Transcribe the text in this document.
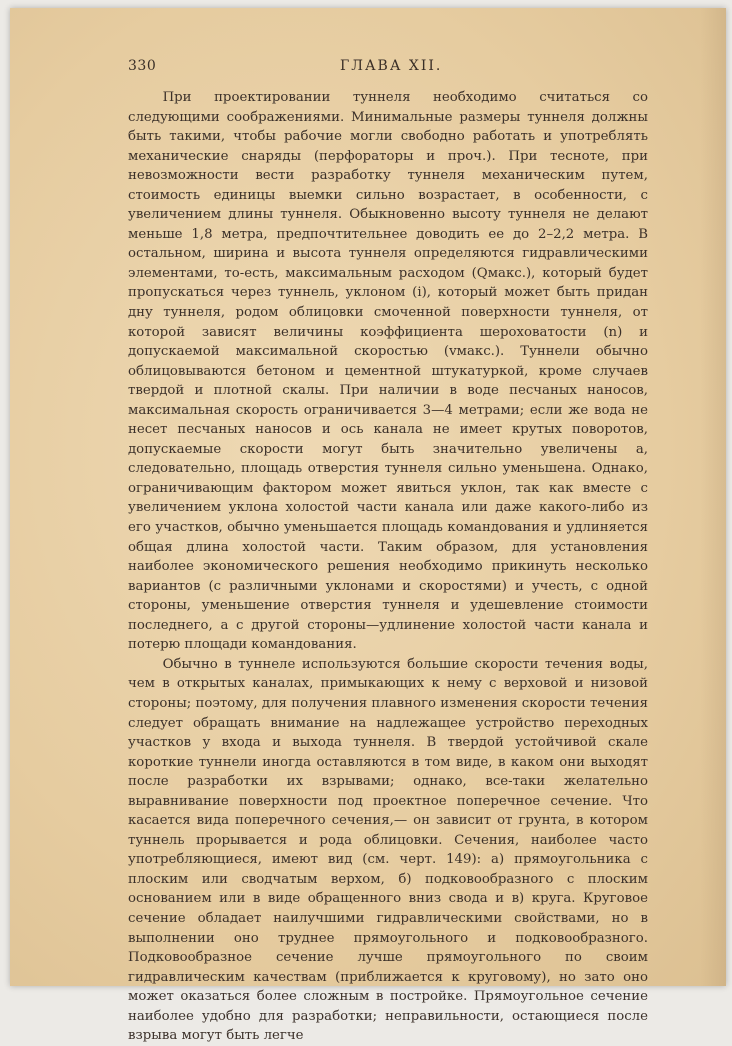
330	ГЛАВА XII.

При проектировании туннеля необходимо считаться со следующими соображениями. Минимальные размеры туннеля должны быть такими, чтобы рабочие могли свободно работать и употреблять механические снаряды (перфораторы и проч.). При тесноте, при невозможности вести разработку туннеля механическим путем, стоимость единицы выемки сильно возрастает, в особенности, с увеличением длины туннеля. Обыкновенно высоту туннеля не делают меньше 1,8 метра, предпочтительнее доводить ее до 2–2,2 метра. В остальном, ширина и высота туннеля определяются гидравлическими элементами, то-есть, максимальным расходом (Qмакс.), который будет пропускаться через туннель, уклоном (i), который может быть придан дну туннеля, родом облицовки смоченной поверхности туннеля, от которой зависят величины коэффициента шероховатости (n) и допускаемой максимальной скоростью (vмакс.). Туннели обычно облицовываются бетоном и цементной штукатуркой, кроме случаев твердой и плотной скалы. При наличии в воде песчаных наносов, максимальная скорость ограничивается 3—4 метрами; если же вода не несет песчаных наносов и ось канала не имеет крутых поворотов, допускаемые скорости могут быть значительно увеличены а, следовательно, площадь отверстия туннеля сильно уменьшена. Однако, ограничивающим фактором может явиться уклон, так как вместе с увеличением уклона холостой части канала или даже какого-либо из его участков, обычно уменьшается площадь командования и удлиняется общая длина холостой части. Таким образом, для установления наиболее экономического решения необходимо прикинуть несколько вариантов (с различными уклонами и скоростями) и учесть, с одной стороны, уменьшение отверстия туннеля и удешевление стоимости последнего, а с другой стороны—удлинение холостой части канала и потерю площади командования.

Обычно в туннеле используются большие скорости течения воды, чем в открытых каналах, примыкающих к нему с верховой и низовой стороны; поэтому, для получения плавного изменения скорости течения следует обращать внимание на надлежащее устройство переходных участков у входа и выхода туннеля. В твердой устойчивой скале короткие туннели иногда оставляются в том виде, в каком они выходят после разработки их взрывами; однако, все-таки желательно выравнивание поверхности под проектное поперечное сечение. Что касается вида поперечного сечения,— он зависит от грунта, в котором туннель прорывается и рода облицовки. Сечения, наиболее часто употребляющиеся, имеют вид (см. черт. 149): а) прямоугольника с плоским или сводчатым верхом, б) подковообразного с плоским основанием или в виде обращенного вниз свода и в) круга. Круговое сечение обладает наилучшими гидравлическими свойствами, но в выполнении оно труднее прямоугольного и подковообразного. Подковообразное сечение лучше прямоугольного по своим гидравлическим качествам (приближается к круговому), но зато оно может оказаться более сложным в постройке. Прямоугольное сечение наиболее удобно для разработки; неправильности, остающиеся после взрыва могут быть легче
